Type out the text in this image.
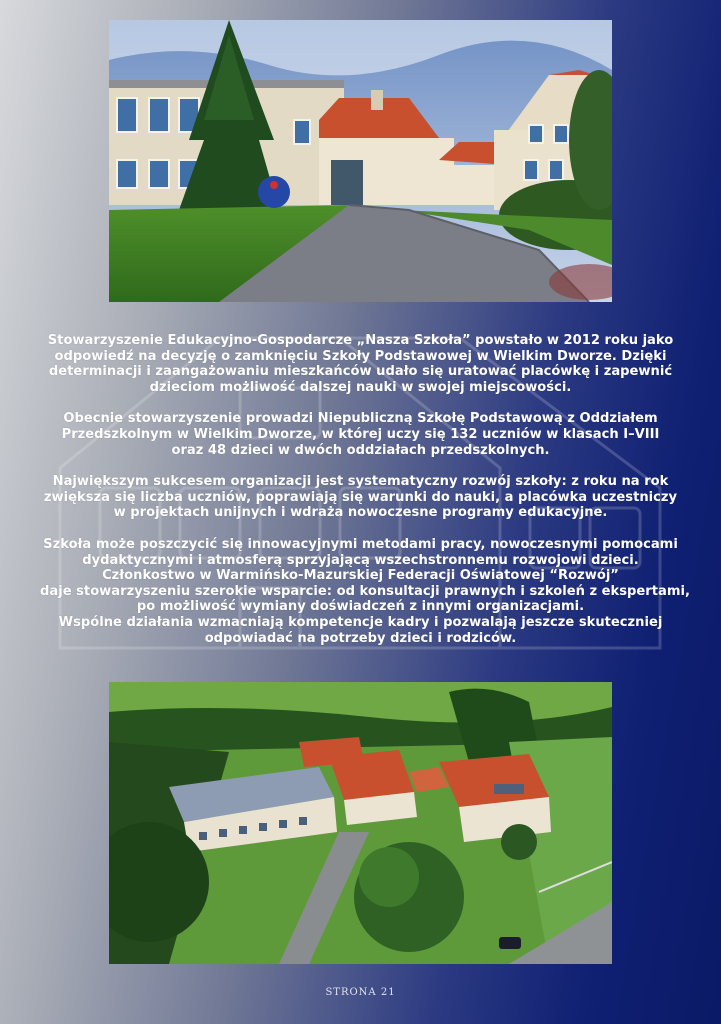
Stowarzyszenie Edukacyjno-Gospodarcze „Nasza Szkoła” powstało w 2012 roku jako
odpowiedź na decyzję o zamknięciu Szkoły Podstawowej w Wielkim Dworze. Dzięki
determinacji i zaangażowaniu mieszkańców udało się uratować placówkę i zapewnić
dzieciom możliwość dalszej nauki w swojej miejscowości.

Obecnie stowarzyszenie prowadzi Niepubliczną Szkołę Podstawową z Oddziałem
Przedszkolnym w Wielkim Dworze, w której uczy się 132 uczniów w klasach I–VIII
oraz 48 dzieci w dwóch oddziałach przedszkolnych.

Największym sukcesem organizacji jest systematyczny rozwój szkoły: z roku na rok
zwiększa się liczba uczniów, poprawiają się warunki do nauki, a placówka uczestniczy
w projektach unijnych i wdraża nowoczesne programy edukacyjne.

Szkoła może poszczycić się innowacyjnymi metodami pracy, nowoczesnymi pomocami
dydaktycznymi i atmosferą sprzyjającą wszechstronnemu rozwojowi dzieci.
Członkostwo w Warmińsko-Mazurskiej Federacji Oświatowej “Rozwój”
daje stowarzyszeniu szerokie wsparcie: od konsultacji prawnych i szkoleń z ekspertami,
po możliwość wymiany doświadczeń z innymi organizacjami.
Wspólne działania wzmacniają kompetencje kadry i pozwalają jeszcze skuteczniej
odpowiadać na potrzeby dzieci i rodziców.

STRONA 21
